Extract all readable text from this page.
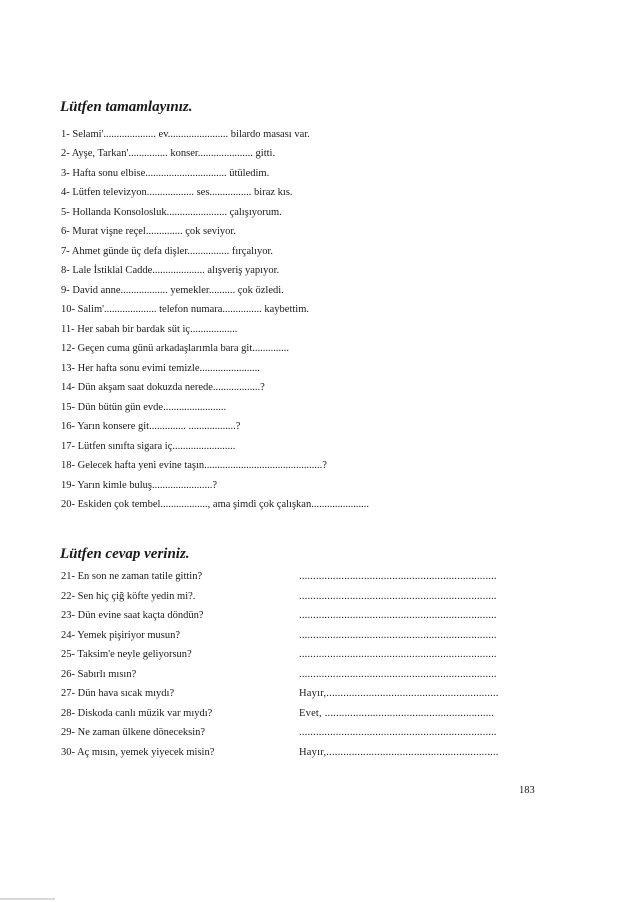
Lütfen tamamlayınız.
1- Selami'.................... ev....................... bilardo masası var.
2- Ayşe, Tarkan'............... konser..................... gitti.
3- Hafta sonu elbise............................... ütüledim.
4- Lütfen televizyon.................. ses................ biraz kıs.
5- Hollanda Konsolosluk....................... çalışıyorum.
6- Murat vişne reçel.............. çok seviyor.
7- Ahmet günde üç defa dişler................ fırçalıyor.
8- Lale İstiklal Cadde.................... alışveriş yapıyor.
9- David anne.................. yemekler.......... çok özledi.
10- Salim'.................... telefon numara............... kaybettim.
11- Her sabah bir bardak süt iç..................
12- Geçen cuma günü arkadaşlarımla bara git..............
13- Her hafta sonu evimi temizle.......................
14- Dün akşam saat dokuzda nerede..................?
15- Dün bütün gün evde........................
16- Yarın konsere git.............. ..................?
17- Lütfen sınıfta sigara iç........................
18- Gelecek hafta yeni evine taşın.............................................?
19- Yarın kimle buluş.......................?
20- Eskiden çok tembel.................., ama şimdi çok çalışkan......................
Lütfen cevap veriniz.
21- En son ne zaman tatile gittin?	......................................................................
22- Sen hiç çiğ köfte yedin mi?.	......................................................................
23- Dün evine saat kaçta döndün?	......................................................................
24- Yemek pişiriyor musun?	......................................................................
25- Taksim'e neyle geliyorsun?	......................................................................
26- Sabırlı mısın?	......................................................................
27- Dün hava sıcak mıydı?	Hayır,.............................................................
28- Diskoda canlı müzik var mıydı?	Evet, ............................................................
29- Ne zaman ülkene döneceksin?	......................................................................
30- Aç mısın, yemek yiyecek misin?	Hayır,.............................................................
183
